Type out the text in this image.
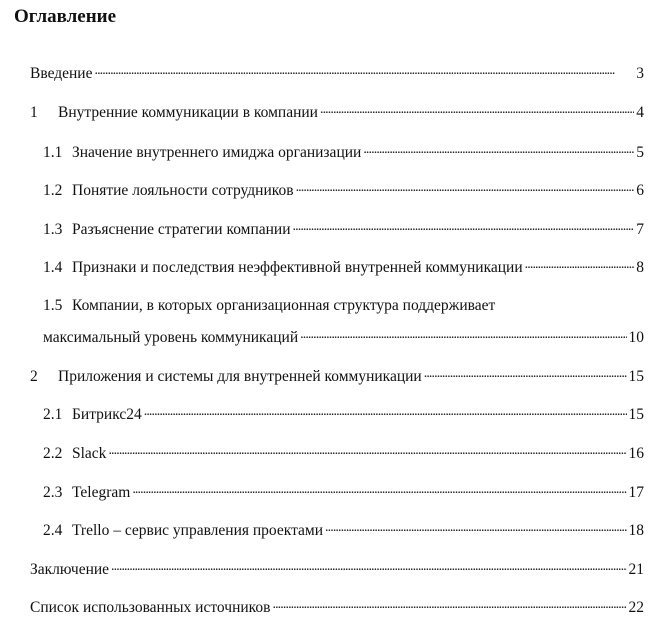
Оглавление
Введение . . .	3
1	Внутренние коммуникации в компании . . .	4
1.1 Значение внутреннего имиджа организации . . .	5
1.2 Понятие лояльности сотрудников . . .	6
1.3 Разъяснение стратегии компании . . .	7
1.4 Признаки и последствия неэффективной внутренней коммуникации . . .	8
1.5 Компании, в которых организационная структура поддерживает
максимальный уровень коммуникаций . . .	10
2	Приложения и системы для внутренней коммуникации . . .	15
2.1 Битрикс24 . . .	15
2.2 Slack . . .	16
2.3 Telegram . . .	17
2.4 Trello – сервис управления проектами . . .	18
Заключение . . .	21
Список использованных источников . . .	22
